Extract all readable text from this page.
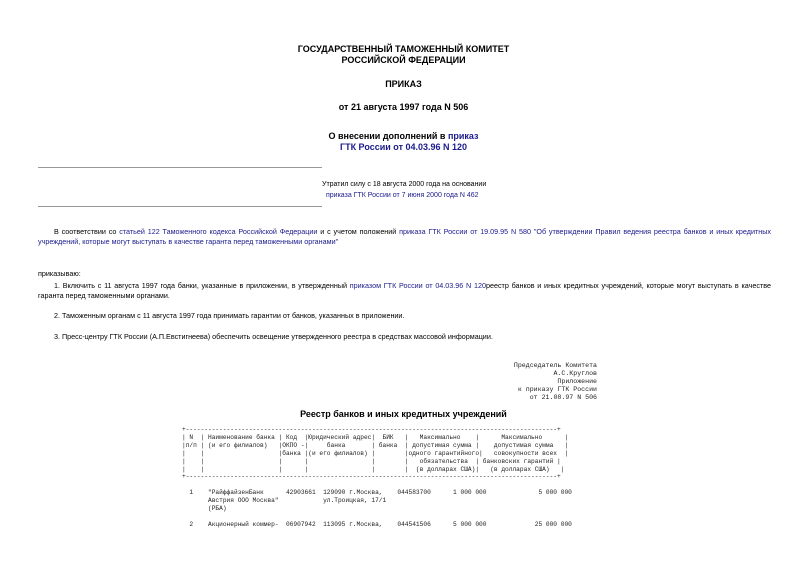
ГОСУДАРСТВЕННЫЙ ТАМОЖЕННЫЙ КОМИТЕТ
РОССИЙСКОЙ ФЕДЕРАЦИИ
ПРИКАЗ
от 21 августа 1997 года N 506
О внесении дополнений в приказ
ГТК России от 04.03.96 N 120
Утратил силу с 18 августа 2000 года на основании
приказа ГТК России от 7 июня 2000 года N 462
В соответствии со статьей 122 Таможенного кодекса Российской Федерации и с учетом положений приказа ГТК России от 19.09.95 N 580 "Об утверждении Правил ведения реестра банков и иных кредитных учреждений, которые могут выступать в качестве гаранта перед таможенными органами"
приказываю:
1. Включить с 11 августа 1997 года банки, указанные в приложении, в утвержденный приказом ГТК России от 04.03.96 N 120реестр банков и иных кредитных учреждений, которые могут выступать в качестве гаранта перед таможенными органами.
2. Таможенным органам с 11 августа 1997 года принимать гарантии от банков, указанных в приложении.
3. Пресс-центру ГТК России (А.П.Евстигнеева) обеспечить освещение утвержденного реестра в средствах массовой информации.
Председатель Комитета
А.С.Круглов
Приложение
к приказу ГТК России
от 21.08.97 N 506
Реестр банков и иных кредитных учреждений
+----------------------------------------------------------------------------------------------------+
| N  | Наименование банка | Код  |Юридический адрес|  БИК   |   Максимально    |      Максимально      |
|п/п | (и его филиалов)   |ОКПО -|     банка       | банка  | допустимая сумма |    допустимая сумма   |
|    |                    |банка |(и его филиалов) |        |одного гарантийного|   совокупности всех  |
|    |                    |      |                 |        |   обязательства  | банковских гарантий |
|    |                    |      |                 |        |  (в долларах США)|   (в долларах США)   |
+----------------------------------------------------------------------------------------------------+

1    "РайффайзенБанк      42903661  129090 г.Москва,    044583700      1 000 000              5 000 000
Австрия ООО Москва"            ул.Троицкая, 17/1
(РБА)

2    Акционерный коммер-  06907942  113095 г.Москва,    044541506      5 000 000             25 000 000
